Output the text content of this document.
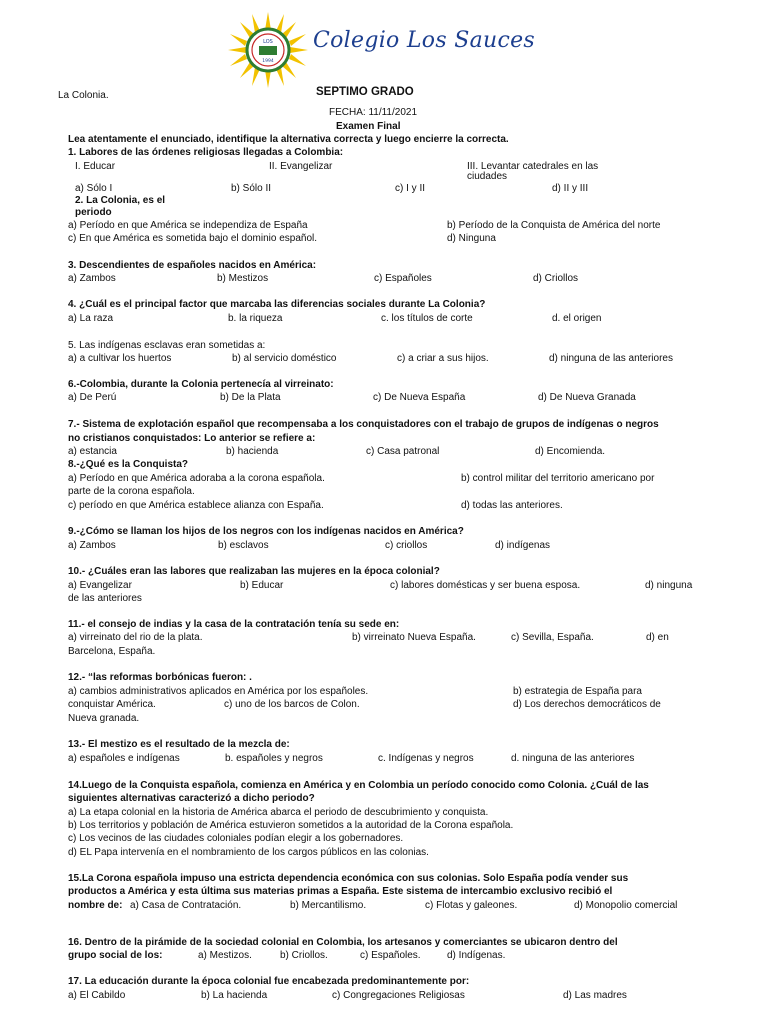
LOS
1994
Colegio Los Sauces
La Colonia.	SEPTIMO GRADO
FECHA: 11/11/2021
Examen Final
Lea atentamente el enunciado, identifique la alternativa correcta y luego encierre la correcta.
1. Labores de las órdenes religiosas llegadas a Colombia:
I. Educar	II. Evangelizar	III. Levantar catedrales en las
ciudades
a) Sólo I	b) Sólo II	c) I y II	d) II y III
2. La Colonia, es el
periodo
a) Período en que América se independiza de España	b) Período de la Conquista de América del norte
c) En que América es sometida bajo el dominio español.	d) Ninguna
3. Descendientes de españoles nacidos en América:
a) Zambos	b) Mestizos	c) Españoles	d) Criollos
4. ¿Cuál es el principal factor que marcaba las diferencias sociales durante La Colonia?
a) La raza	b. la riqueza	c. los títulos de corte	d. el origen
5. Las indígenas esclavas eran sometidas a:
a) a cultivar los huertos	b) al servicio doméstico	c) a criar a sus hijos.	d) ninguna de las anteriores
6.-Colombia, durante la Colonia pertenecía al virreinato:
a) De Perú	b) De la Plata	c) De Nueva España	d) De Nueva Granada
7.- Sistema de explotación español que recompensaba a los conquistadores con el trabajo de grupos de indígenas o negros
no cristianos conquistados: Lo anterior se refiere a:
a) estancia	b) hacienda	c) Casa patronal	d) Encomienda.
8.-¿Qué es la Conquista?
a) Período en que América adoraba a la corona española.	b) control militar del territorio americano por
parte de la corona española.
c) período en que América establece alianza con España.	d) todas las anteriores.
9.-¿Cómo se llaman los hijos de los negros con los indígenas nacidos en América?
a) Zambos	b) esclavos	c) criollos	d) indígenas
10.- ¿Cuáles eran las labores que realizaban las mujeres en la época colonial?
a) Evangelizar	b) Educar	c) labores domésticas y ser buena esposa.	d) ninguna
de las anteriores
11.- el consejo de indias y la casa de la contratación tenía su sede en:
a) virreinato del rio de la plata.	b) virreinato Nueva España.	c) Sevilla, España.	d) en
Barcelona, España.
12.- “las reformas borbónicas fueron: .
a) cambios administrativos aplicados en América por los españoles.	b) estrategia de España para
conquistar América.	c) uno de los barcos de Colon.	d) Los derechos democráticos de
Nueva granada.
13.- El mestizo es el resultado de la mezcla de:
a) españoles e indígenas	b. españoles y negros	c. Indígenas y negros	d. ninguna de las anteriores
14.Luego de la Conquista española, comienza en América y en Colombia un período conocido como Colonia. ¿Cuál de las
siguientes alternativas caracterizó a dicho periodo?
a) La etapa colonial en la historia de América abarca el periodo de descubrimiento y conquista.
b) Los territorios y población de América estuvieron sometidos a la autoridad de la Corona española.
c) Los vecinos de las ciudades coloniales podían elegir a los gobernadores.
d) EL Papa intervenía en el nombramiento de los cargos públicos en las colonias.
15.La Corona española impuso una estricta dependencia económica con sus colonias. Solo España podía vender sus
productos a América y esta última sus materias primas a España. Este sistema de intercambio exclusivo recibió el
nombre de: a) Casa de Contratación.	b) Mercantilismo.	c) Flotas y galeones.	d) Monopolio comercial
16. Dentro de la pirámide de la sociedad colonial en Colombia, los artesanos y comerciantes se ubicaron dentro del
grupo social de los:	a) Mestizos.	b) Criollos.	c) Españoles.	d) Indígenas.
17. La educación durante la época colonial fue encabezada predominantemente por:
a) El Cabildo	b) La hacienda	c) Congregaciones Religiosas	d) Las madres
